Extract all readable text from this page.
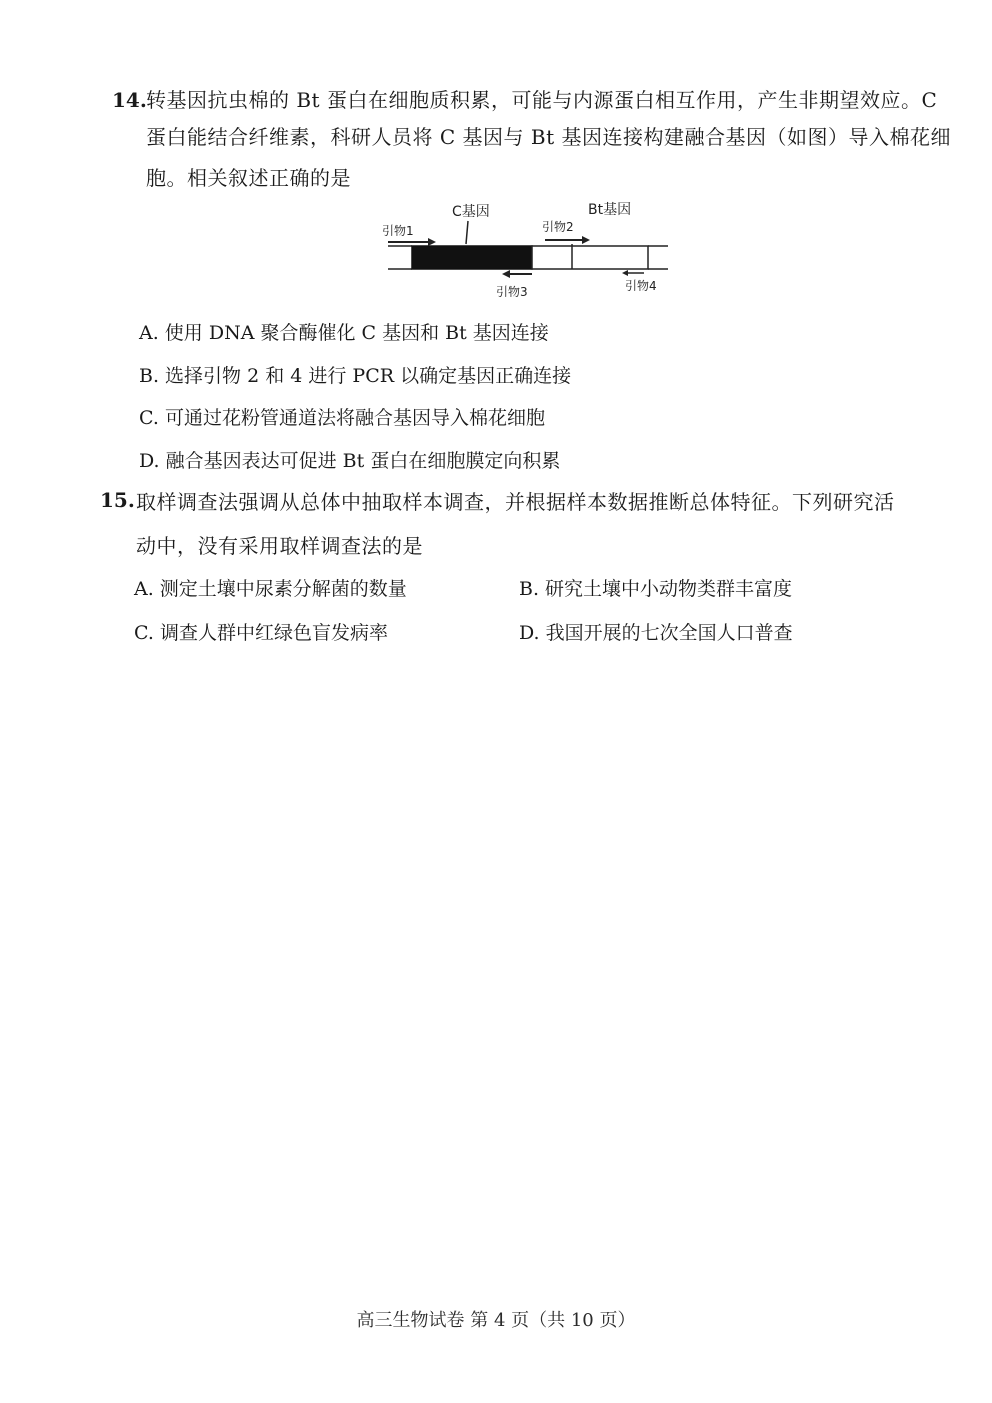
14. 转基因抗虫棉的 Bt 蛋白在细胞质积累，可能与内源蛋白相互作用，产生非期望效应。C
蛋白能结合纤维素，科研人员将 C 基因与 Bt 基因连接构建融合基因（如图）导入棉花细
胞。相关叙述正确的是
C基因	Bt基因
引物1	引物2
引物3	引物4
A. 使用 DNA 聚合酶催化 C 基因和 Bt 基因连接
B. 选择引物 2 和 4 进行 PCR 以确定基因正确连接
C. 可通过花粉管通道法将融合基因导入棉花细胞
D. 融合基因表达可促进 Bt 蛋白在细胞膜定向积累
15. 取样调查法强调从总体中抽取样本调查，并根据样本数据推断总体特征。下列研究活
动中，没有采用取样调查法的是
A. 测定土壤中尿素分解菌的数量	B. 研究土壤中小动物类群丰富度
C. 调查人群中红绿色盲发病率	D. 我国开展的七次全国人口普查
高三生物试卷 第 4 页（共 10 页）
